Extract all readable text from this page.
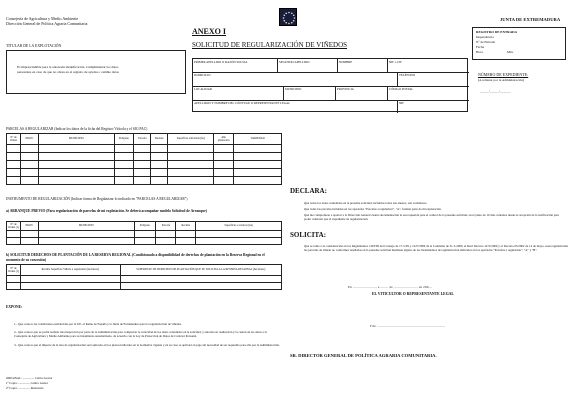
Consejería de Agricultura y Medio Ambiente
Dirección General de Política Agraria Comunitaria
ANEXO I
SOLICITUD DE REGULARIZACIÓN DE VIÑEDOS
JUNTA DE EXTREMADURA
REGISTRO DE ENTRADA
Dependencia
Nº de Entrada
Fecha
Hora	Min.
NÚMERO DE EXPEDIENTE:
(A rellenar por la Administración)
_____/_____/______
TITULAR DE LA EXPLOTACIÓN
Es imprescindible para la adecuada identificación. Cumplimentar los datos
personales en caso de que no obren en el registro de ayudas o cambie datos
PRIMER APELLIDO O RAZÓN SOCIAL	SEGUNDO APELLIDO	NOMBRE	NIF o CIF
DOMICILIO	TELÉFONO
LOCALIDAD	MUNICIPIO	PROVINCIA	CÓDIGO POSTAL
APELLIDOS Y NOMBRE DEL CÓNYUGE O REPRESENTANTE LEGAL	NIF
PARCELAS A REGULARIZAR (Indicar los datos de la ficha del Registro Vitícola y el SIG PAC)
Nº de Orden	PROV.	MUNICIPIO	Polígono	Parcela	Recinto	Superficie solicitada (ha)	Año plantación	VARIEDAD

INSTRUMENTO DE REGULARIZACIÓN (Indicar forma de Regularizar lo indicado en "PARCELAS A REGULARIZAR")
a) ARRANQUE PREVIO (Para regularización de parcelas de mi explotación. Se deberá acompañar modelo Solicitud de Arranque)
Nº de Orden (1)	PROV.	MUNICIPIO	Polígono	Parcela	Recinto	Superficie a arrancar (ha)

b) SOLICITUD DERECHOS DE PLANTACIÓN DE LA RESERVA REGIONAL (Condicionado a disponibilidad de derechos de plantación en la Reserva Regional en el momento de su concesión)
Nº de Orden (1)	Recinto Superficie Viñedo a regularizar (hectáreas)	SUPERFICIE DE DERECHOS DE PLANTACIÓN QUE SE SOLICITA A LA RESERVA REGIONAL (hectáreas)

EXPONE:
1.- Que conoce las condiciones establecidas por la UE, el Reino de España y la Junta de Extremadura para la regularización de viñedos.
2.- Que conoce que se podrá realizar una inspección por parte de la Administración para comprobar la veracidad de los datos contenidos en la solicitud, y autoriza su realización y la cesión de los datos a la Consejería de Agricultura y Medio Ambiente para su tratamiento automatizado, de acuerdo con la Ley de Protección de Datos de Carácter Personal.
3.- Que conoce que el importe de la tasa de regularización será aplicado en los plazos indicados en la normativa vigente y en su caso se aplicará el pago sin necesidad de ser requerido para ello por la Administración.
ORIGINAL: ............... Centro Gestor
1ª Copia: ............... Centro Gestor
2ª Copia: ............... Interesado
DECLARA:
Que todos los datos contenidos en la presente solicitud, incluidos todos sus anexos, son verdaderos.
Que todas las parcelas incluidas en los apartados "Parcelas a regularizar", "A", forman parte de mi explotación.
Que me comprometo a aportar a la Dirección General cuanta documentación le sea requerida para el control de la presente solicitud, en el plazo de 10 días contados desde la recepción de la notificación para poder constatar que el expediente de regularización.
SOLICITA:
Que se tome a la consideración en los Reglamentos 1493/99 del Consejo de 17-5-99 y 1227/2000 de la Comisión de 31-5-2000, el Real Decreto 1472/2000 y el Decreto 65/2002 de 14 de mayo, sean regularizadas las parcelas de viñedo no conformes reseñadas en la presente solicitud mediante alguno de los instrumentos de regularización indicados en los apartados "Parcelas a regularizar", "A" y "B".
En ......................., a ........ de ........................ de 200....
EL VITICULTOR O REPRESENTANTE LEGAL
Fdo: ....................................................................
SR. DIRECTOR GENERAL DE POLÍTICA AGRARIA COMUNITARIA.
